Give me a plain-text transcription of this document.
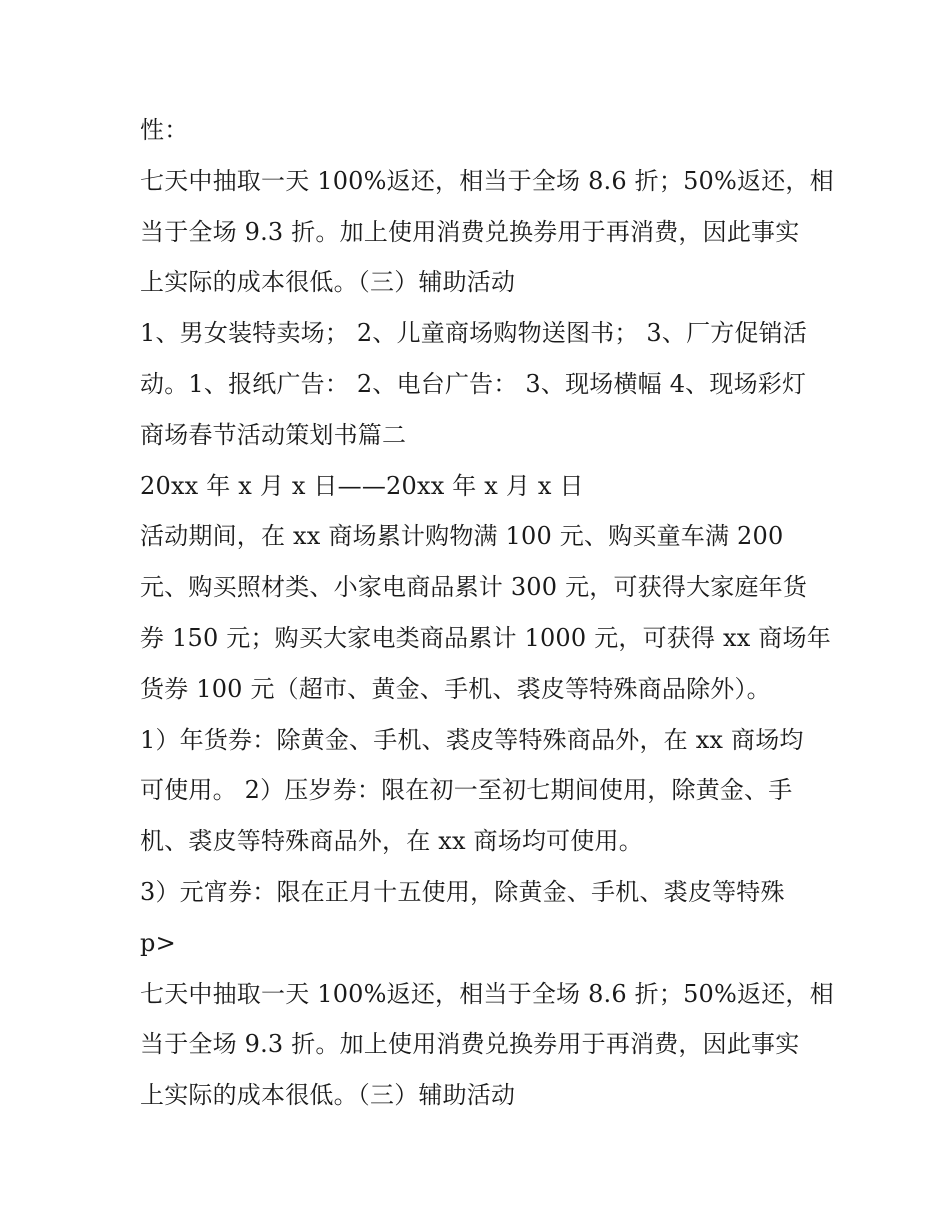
性：
七天中抽取一天 100%返还，相当于全场 8.6 折；50%返还，相
当于全场 9.3 折。加上使用消费兑换券用于再消费，因此事实
上实际的成本很低。（三）辅助活动
1、男女装特卖场； 2、儿童商场购物送图书； 3、厂方促销活
动。1、报纸广告： 2、电台广告： 3、现场横幅 4、现场彩灯
商场春节活动策划书篇二
20xx 年 x 月 x 日——20xx 年 x 月 x 日
活动期间，在 xx 商场累计购物满 100 元、购买童车满 200
元、购买照材类、小家电商品累计 300 元，可获得大家庭年货
券 150 元；购买大家电类商品累计 1000 元，可获得 xx 商场年
货券 100 元（超市、黄金、手机、裘皮等特殊商品除外）。
1）年货券：除黄金、手机、裘皮等特殊商品外，在 xx 商场均
可使用。 2）压岁券：限在初一至初七期间使用，除黄金、手
机、裘皮等特殊商品外，在 xx 商场均可使用。
3）元宵券：限在正月十五使用，除黄金、手机、裘皮等特殊
p>
七天中抽取一天 100%返还，相当于全场 8.6 折；50%返还，相
当于全场 9.3 折。加上使用消费兑换券用于再消费，因此事实
上实际的成本很低。（三）辅助活动
